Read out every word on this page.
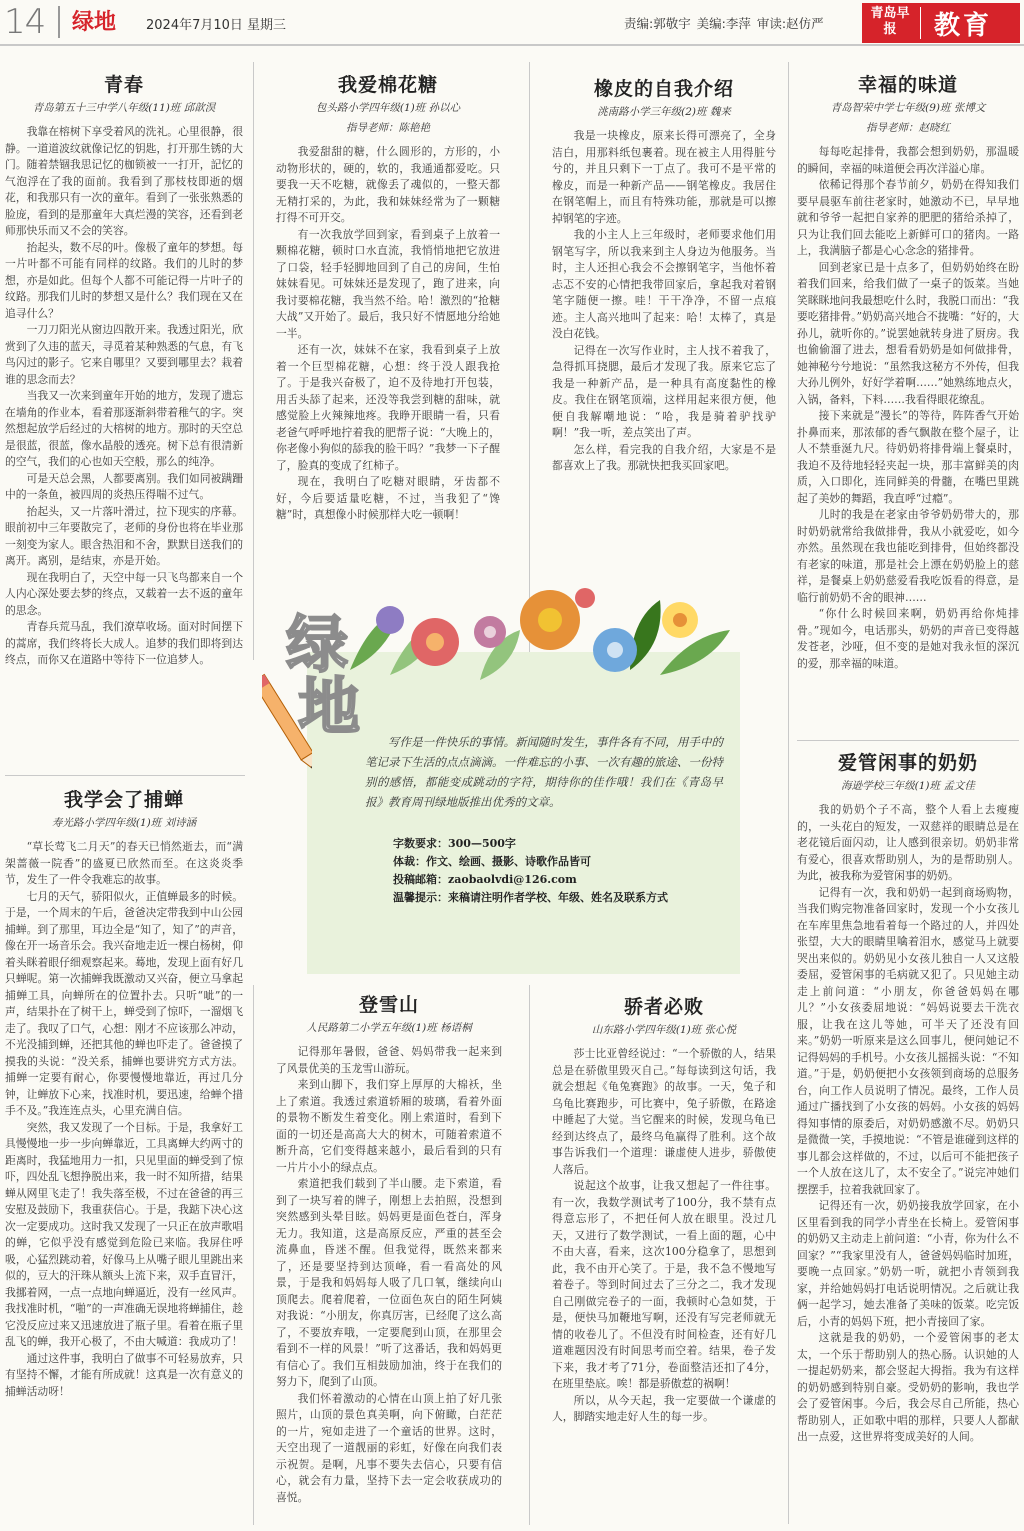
14 绿地 2024年7月10日 星期三	责编:郭敬宇 美编:李萍 审读:赵仿严
青岛早报	教育
青春
青岛第五十三中学八年级(11)班 邱歆淏

我靠在榕树下享受着风的洗礼。心里很静，很静。一道道波纹就像记忆的钥匙，打开那生锈的大门。随着禁锢我思记忆的枷锁被一一打开，記忆的气泡浮在了我的面前。我看到了那枝枝即逝的烟花，和我那只有一次的童年。看到了一张张熟悉的脸庞，看到的是那童年大真烂漫的笑容，还看到老师那快乐而又不会的笑容。

抬起头，数不尽的叶。像极了童年的梦想。每一片叶都不可能有同样的纹路。我们的儿时的梦想，亦是如此。但每个人都不可能记得一片叶子的纹路。那我们儿时的梦想又是什么？我们现在又在追寻什么？

一刀刀阳光从窗边四散开来。我透过阳光，欣赏到了久违的蓝天，寻觅着某种熟悉的气息，有飞鸟闪过的影子。它来自哪里？又要到哪里去？栽着谁的思念而去？

当我又一次来到童年开始的地方，发现了遗忘在墙角的作业本，看着那逐渐斜带着稚气的字。突然想起放学后经过的大榕树的地方。那时的天空总是很蓝，很蓝，像水晶般的透亮。树下总有很清新的空气，我们的心也如天空般，那么的纯净。

可是天总会黑，人都要离别。我们如同被蹒跚中的一条鱼，被四周的炎热压得喘不过气。

抬起头，又一片落叶滑过，拉下现实的序幕。眼前初中三年要散完了，老师的身份也将在毕业那一刻变为家人。眼含热泪和不舍，默默目送我们的离开。离别，是结束，亦是开始。

现在我明白了，天空中每一只飞鸟都来自一个人内心深处要去梦的终点，又载着一去不返的童年的思念。

青春兵荒马乱，我们潦草收场。面对时间摆下的蒿席，我们终将长大成人。追梦的我们即将到达终点，而你又在道路中等待下一位追梦人。

我学会了捕蝉
寿光路小学四年级(1)班 刘诗涵

“草长莺飞二月天”的春天已悄然逝去，而“满架蔷薇一院香”的盛夏已欣然而至。在这炎炎季节，发生了一件令我难忘的故事。

七月的天气，骄阳似火，正值蝉最多的时候。于是，一个周末的午后，爸爸决定带我到中山公园捕蝉。到了那里，耳边全是“知了，知了”的声音，像在开一场音乐会。我兴奋地走近一棵白杨树，仰着头眯着眼仔细观察起来。蓦地，发现上面有好几只蝉呢。第一次捕蝉我既激动又兴奋，便立马拿起捕蝉工具，向蝉所在的位置扑去。只听“呲”的一声，结果扑在了树干上，蝉受到了惊吓，一溜烟飞走了。我叹了口气，心想：刚才不应该那么冲动，不光没捕到蝉，还把其他的蝉也吓走了。爸爸摸了摸我的头说：“没关系，捕蝉也要讲究方式方法。捕蝉一定要有耐心，你要慢慢地靠近，再过几分钟，让蝉放下心来，找准时机，要迅速，给蝉个措手不及。”我连连点头，心里充满自信。

突然，我又发现了一个目标。于是，我拿好工具慢慢地一步一步向蝉靠近，工具离蝉大约两寸的距离时，我猛地用力一扣，只见里面的蝉受到了惊吓，四处乱飞想挣脱出来，我一时不知所措，结果蝉从网里飞走了！我失落至极，不过在爸爸的再三安慰及鼓励下，我重获信心。于是，我踮下决心这次一定要成功。这时我又发现了一只正在放声歌唱的蝉，它似乎没有感觉到危险已来临。我屏住呼吸，心猛烈跳动着，好像马上从嘴子眼儿里跳出来似的，豆大的汗珠从额头上流下来，双手直冒汗，我挪着网，一点一点地向蝉逼近，没有一丝风声。我找准时机，“啪”的一声准确无误地将蝉捕住，趁它没反应过来又迅速放进了瓶子里。看着在瓶子里乱飞的蝉，我开心极了，不由大喊道：我成功了！

通过这件事，我明白了做事不可轻易放弃，只有坚持不懈，才能有所成就！这真是一次有意义的捕蝉活动呀！

我爱棉花糖
包头路小学四年级(1)班 孙以心
指导老师：陈艳艳

我爱甜甜的糖，什么圆形的，方形的，小动物形状的，硬的，软的，我通通都爱吃。只要我一天不吃糖，就像丢了魂似的，一整天都无精打采的，为此，我和妹妹经常为了一颗糖打得不可开交。

有一次我放学回到家，看到桌子上放着一颗棉花糖，顿时口水直流，我悄悄地把它放进了口袋，轻手轻脚地回到了自己的房间，生怕妹妹看见。可妹妹还是发现了，跑了进来，向我讨要棉花糖，我当然不给。哈！激烈的“抢糖大战”又开始了。最后，我只好不情愿地分给她一半。

还有一次，妹妹不在家，我看到桌子上放着一个巨型棉花糖，心想：终于没人跟我抢了。于是我兴奋极了，迫不及待地打开包装，用舌头舔了起来，还没等我尝到糖的甜味，就感觉脸上火辣辣地疼。我睁开眼睛一看，只看老爸气呼呼地拧着我的肥帮子说：“大晚上的，你老像小狗似的舔我的脸干吗？”我梦一下子醒了，脸真的变成了红柿子。

现在，我明白了吃糖对眼睛，牙齿都不好，今后要适量吃糖，不过，当我犯了“馋糖”时，真想像小时候那样大吃一顿啊！

橡皮的自我介绍
洮南路小学三年级(2)班 魏来

我是一块橡皮，原来长得可漂亮了，全身洁白，用那料纸包裹着。现在被主人用得脏兮兮的，并且只剩下一丁点了。我可不是平常的橡皮，而是一种新产品——钢笔橡皮。我居住在钢笔帽上，而且有特殊功能，那就是可以擦掉钢笔的字迹。

我的小主人上三年级时，老师要求他们用钢笔写字，所以我来到主人身边为他服务。当时，主人还担心我会不会擦钢笔字，当他怀着忐忑不安的心情把我带回家后，拿起我对着钢笔字随便一擦。哇！干干净净，不留一点痕迹。主人高兴地叫了起来：哈！太棒了，真是没白花钱。

记得在一次写作业时，主人找不着我了，急得抓耳挠腮，最后才发现了我。原来它忘了我是一种新产品，是一种具有高度黏性的橡皮。我住在钢笔顶端，这样用起来很方便，他便自我解嘲地说：“哈，我是骑着驴找驴啊！”我一听，差点笑出了声。

怎么样，看完我的自我介绍，大家是不是都喜欢上了我。那就快把我买回家吧。

幸福的味道
青岛智荣中学七年级(9)班 张博文
指导老师：赵晓红

每每吃起排骨，我都会想到奶奶，那温暖的瞬间，幸福的味道便会再次洋溢心扉。

依稀记得那个春节前夕，奶奶在得知我们要早晨驱车前往老家时，她激动不已，早早地就和爷爷一起把自家养的肥肥的猪给杀掉了，只为让我们回去能吃上新鲜可口的猪肉。一路上，我满脑子都是心心念念的猪排骨。

回到老家已是十点多了，但奶奶始终在盼着我们回来，给我们做了一桌子的饭菜。当她笑眯眯地问我最想吃什么时，我脱口而出：“我要吃猪排骨。”奶奶高兴地合不拢嘴：“好的，大孙儿，就听你的。”说罢她就转身进了厨房。我也偷偷溜了进去，想看看奶奶是如何做排骨，她神秘兮兮地说：“虽然我这秘方不外传，但我大孙儿例外，好好学着啊……”她熟练地点火，入锅，备料，下料……我看得眼花缭乱。

接下来就是“漫长”的等待，阵阵香气开始扑鼻而来，那浓郁的香气飘散在整个屋子，让人不禁垂涎九尺。待奶奶将排骨端上餐桌时，我迫不及待地轻轻夹起一块，那丰富鲜美的肉质，入口即化，连同鲜美的骨髓，在嘴巴里跳起了美妙的舞蹈，我直呼“过瘾”。

儿时的我是在老家由爷爷奶奶带大的，那时奶奶就常给我做排骨，我从小就爱吃，如今亦然。虽然现在我也能吃到排骨，但始终都没有老家的味道，那是社会上漂在奶奶脸上的慈祥，是餐桌上奶奶慈爱看我吃饭看的得意，是临行前奶奶不舍的眼神……

“你什么时候回来啊，奶奶再给你炖排骨。”现如今，电话那头，奶奶的声音已变得越发苍老，沙哑，但不变的是她对我永恒的深沉的爱，那幸福的味道。

爱管闲事的奶奶
海逊学校三年级(1)班 孟文佳

我的奶奶个子不高，整个人看上去瘦瘦的，一头花白的短发，一双慈祥的眼睛总是在老花镜后面闪动，让人感到很亲切。奶奶非常有爱心，很喜欢帮助别人，为的是帮助别人。为此，被我称为爱管闲事的奶奶。

记得有一次，我和奶奶一起到商场购物，当我们购完物准备回家时，发现一个小女孩儿在车库里焦急地看着每一个路过的人，并四处张望，大大的眼睛里噙着泪水，感觉马上就要哭出来似的。奶奶见小女孩儿独自一人又这般委屈，爱管闲事的毛病就又犯了。只见她主动走上前问道：“小朋友，你爸爸妈妈在哪儿？”小女孩委屈地说：“妈妈说要去干洗衣服，让我在这儿等她，可半天了还没有回来。”奶奶一听原来是这么回事儿，便问她记不记得妈妈的手机号。小女孩儿摇摇头说：“不知道。”于是，奶奶便把小女孩领到商场的总服务台，向工作人员说明了情况。最终，工作人员通过广播找到了小女孩的妈妈。小女孩的妈妈得知事情的原委后，对奶奶感激不尽。奶奶只是微微一笑，手摸地说：“不管是谁碰到这样的事儿都会这样做的，不过，以后可不能把孩子一个人放在这儿了，太不安全了。”说完冲她们摆摆手，拉着我就回家了。

记得还有一次，奶奶接我放学回家，在小区里看到我的同学小青坐在长椅上。爱管闲事的奶奶又主动走上前问道：“小青，你为什么不回家？”“我家里没有人，爸爸妈妈临时加班，要晚一点回家。”奶奶一听，就把小青领到我家，并给她妈妈打电话说明情况。之后就让我俩一起学习，她去准备了美味的饭菜。吃完饭后，小青的妈妈下班，把小青接回了家。

这就是我的奶奶，一个爱管闲事的老太太，一个乐于帮助别人的热心肠。认识她的人一提起奶奶来，都会竖起大拇指。我为有这样的奶奶感到特别自豪。受奶奶的影响，我也学会了爱管闲事。今后，我会尽自己所能，热心帮助别人，正如歌中唱的那样，只要人人都献出一点爱，这世界将变成美好的人间。

写作是一件快乐的事情。新闻随时发生，事件各有不同，用手中的笔记录下生活的点点滴滴。一件难忘的小事、一次有趣的旅途、一份特别的感悟，都能变成跳动的字符，期待你的佳作哦！我们在《青岛早报》教育周刊绿地版推出优秀的文章。
字数要求：300—500字
体裁：作文、绘画、摄影、诗歌作品皆可
投稿邮箱：zaobaolvdi@126.com
温馨提示：来稿请注明作者学校、年级、姓名及联系方式
绿
地
登雪山
人民路第二小学五年级(1)班 杨语桐

记得那年暑假，爸爸、妈妈带我一起来到了风景优美的玉龙雪山游玩。

来到山脚下，我们穿上厚厚的大棉袄，坐上了索道。我透过索道轿厢的玻璃，看着外面的景物不断发生着变化。刚上索道时，看到下面的一切还是高高大大的树木，可随着索道不断升高，它们变得越来越小，最后看到的只有一片片小小的绿点点。

索道把我们载到了半山腰。走下索道，看到了一块写着的牌子，刚想上去拍照，没想到突然感到头晕目眩。妈妈更是面色苍白，浑身无力。我知道，这是高原反应，严重的甚至会流鼻血，昏迷不醒。但我觉得，既然来都来了，还是要坚持到达顶峰，看一看高处的风景，于是我和妈妈每人吸了几口氧，继续向山顶爬去。爬着爬着，一位面色灰白的陌生阿姨对我说：“小朋友，你真厉害，已经爬了这么高了，不要放弃哦，一定要爬到山顶，在那里会看到不一样的风景！”听了这番话，我和妈妈更有信心了。我们互相鼓励加油，终于在我们的努力下，爬到了山顶。

我们怀着激动的心情在山顶上拍了好几张照片，山顶的景色真美啊，向下俯瞰，白茫茫的一片，宛如走进了一个童话的世界。这时，天空出现了一道靓丽的彩虹，好像在向我们表示祝贺。是啊，凡事不要失去信心，只要有信心，就会有力量，坚持下去一定会收获成功的喜悦。

骄者必败
山东路小学四年级(1)班 张心悦

莎士比亚曾经说过：“一个骄傲的人，结果总是在骄傲里毁灭自己。”每每读到这句话，我就会想起《龟兔赛跑》的故事。一天，兔子和乌龟比赛跑步，可比赛中，兔子骄傲，在路途中睡起了大觉。当它醒来的时候，发现乌龟已经到达终点了，最终乌龟赢得了胜利。这个故事告诉我们一个道理：谦虚使人进步，骄傲使人落后。

说起这个故事，让我又想起了一件往事。有一次，我数学测试考了100分，我不禁有点得意忘形了，不把任何人放在眼里。没过几天，又进行了数学测试，一看上面的题，心中不由大喜，看来，这次100分稳拿了，思想到此，我不由开心笑了。于是，我不急不慢地写着卷子。等到时间过去了三分之二，我才发现自己刚做完卷子的一面，我顿时心急如焚，于是，便快马加鞭地写啊，还没有写完老师就无情的收卷儿了。不但没有时间检查，还有好几道难题因没有时间思考而空着。结果，卷子发下来，我才考了71分，卷面整洁还扣了4分，在班里垫底。唉！都是骄傲惹的祸啊！

所以，从今天起，我一定要做一个谦虚的人，脚踏实地走好人生的每一步。
